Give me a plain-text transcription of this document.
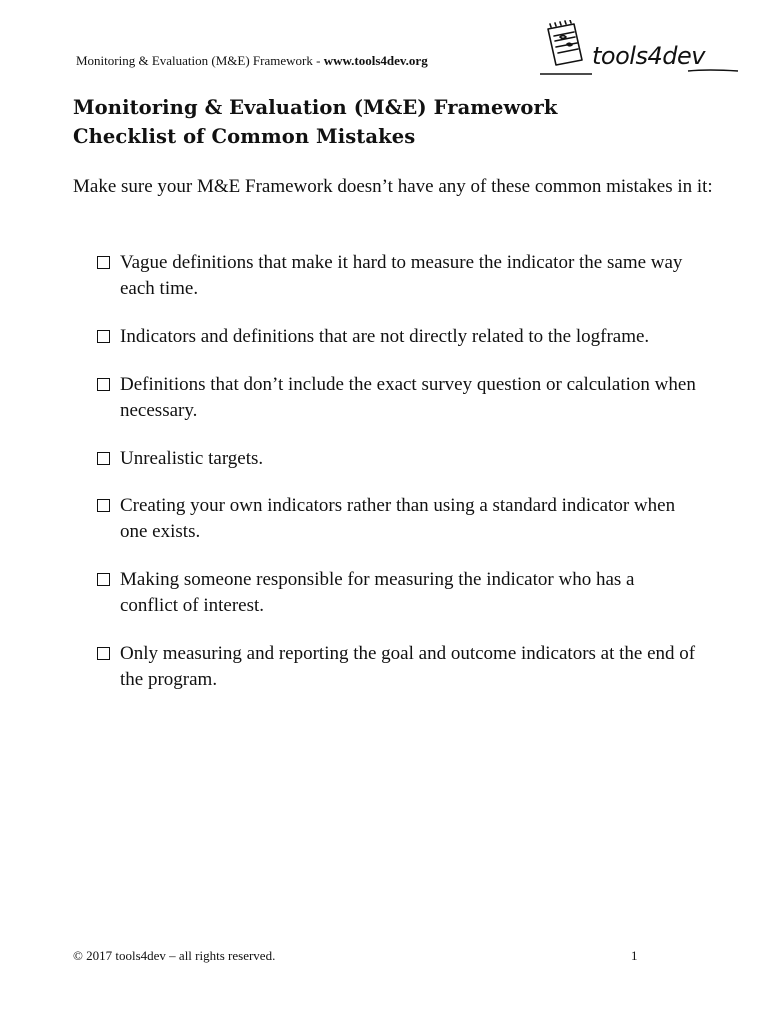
Monitoring & Evaluation (M&E) Framework - www.tools4dev.org	tools4dev
Monitoring & Evaluation (M&E) Framework
Checklist of Common Mistakes

Make sure your M&E Framework doesn’t have any of these common mistakes in it:

Vague definitions that make it hard to measure the indicator the same way each time.
Indicators and definitions that are not directly related to the logframe.
Definitions that don’t include the exact survey question or calculation when necessary.
Unrealistic targets.
Creating your own indicators rather than using a standard indicator when one exists.
Making someone responsible for measuring the indicator who has a conflict of interest.
Only measuring and reporting the goal and outcome indicators at the end of the program.
© 2017 tools4dev – all rights reserved.	1
